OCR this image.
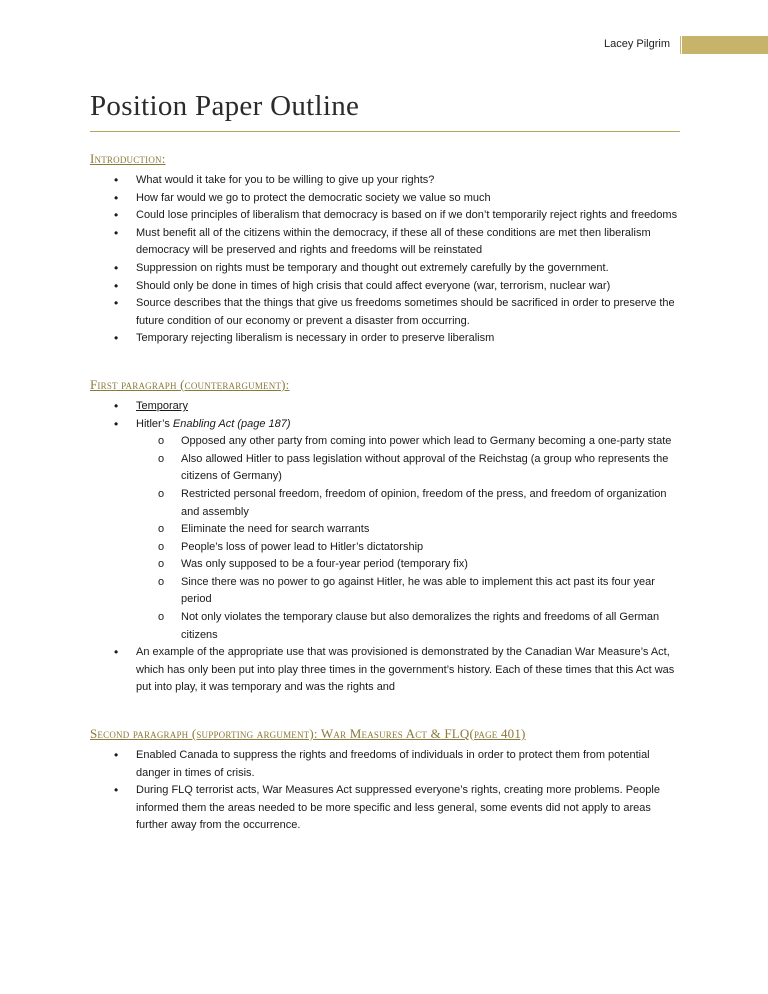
Lacey Pilgrim
Position Paper Outline
Introduction:
• What would it take for you to be willing to give up your rights?
• How far would we go to protect the democratic society we value so much
• Could lose principles of liberalism that democracy is based on if we don’t temporarily reject rights and freedoms
• Must benefit all of the citizens within the democracy, if these all of these conditions are met then liberalism democracy will be preserved and rights and freedoms will be reinstated
• Suppression on rights must be temporary and thought out extremely carefully by the government.
• Should only be done in times of high crisis that could affect everyone (war, terrorism, nuclear war)
• Source describes that the things that give us freedoms sometimes should be sacrificed in order to preserve the future condition of our economy or prevent a disaster from occurring.
• Temporary rejecting liberalism is necessary in order to preserve liberalism
First paragraph (counterargument):
• Temporary
• Hitler’s Enabling Act (page 187)
o Opposed any other party from coming into power which lead to Germany becoming a one-party state
o Also allowed Hitler to pass legislation without approval of the Reichstag (a group who represents the citizens of Germany)
o Restricted personal freedom, freedom of opinion, freedom of the press, and freedom of organization and assembly
o Eliminate the need for search warrants
o People’s loss of power lead to Hitler’s dictatorship
o Was only supposed to be a four-year period (temporary fix)
o Since there was no power to go against Hitler, he was able to implement this act past its four year period
o Not only violates the temporary clause but also demoralizes the rights and freedoms of all German citizens
• An example of the appropriate use that was provisioned is demonstrated by the Canadian War Measure’s Act, which has only been put into play three times in the government’s history. Each of these times that this Act was put into play, it was temporary and was the rights and
Second paragraph (supporting argument): War Measures Act & FLQ(page 401)
• Enabled Canada to suppress the rights and freedoms of individuals in order to protect them from potential danger in times of crisis.
• During FLQ terrorist acts, War Measures Act suppressed everyone’s rights, creating more problems. People informed them the areas needed to be more specific and less general, some events did not apply to areas further away from the occurrence.
